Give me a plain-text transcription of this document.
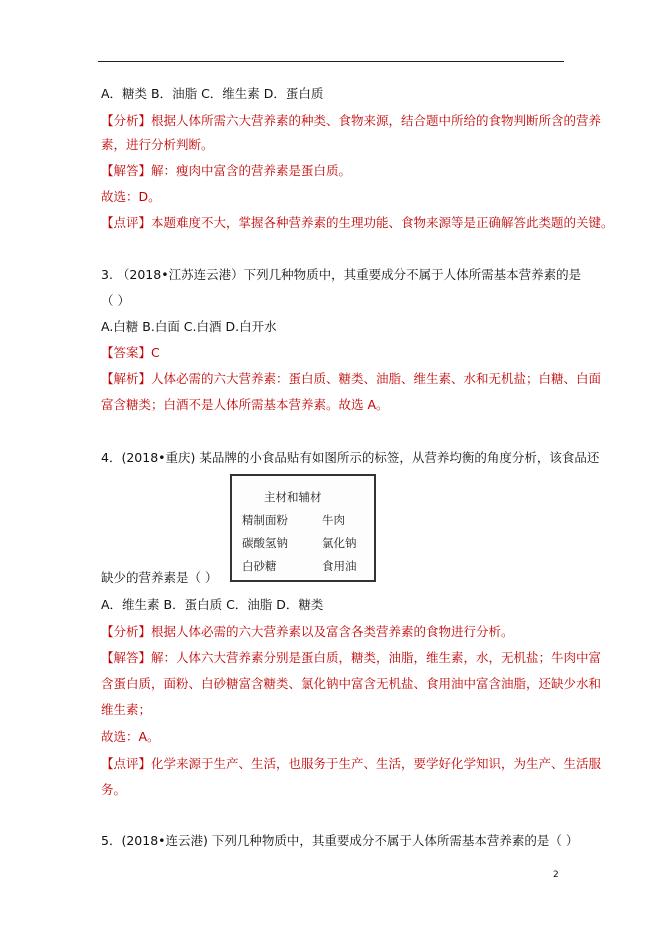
A．糖类 B．油脂 C．维生素 D．蛋白质
【分析】根据人体所需六大营养素的种类、食物来源，结合题中所给的食物判断所含的营养
素，进行分析判断。
【解答】解：瘦肉中富含的营养素是蛋白质。
故选：D。
【点评】本题难度不大，掌握各种营养素的生理功能、食物来源等是正确解答此类题的关键。
3. （2018•江苏连云港）下列几种物质中，其重要成分不属于人体所需基本营养素的是
（ ）
A.白糖 B.白面 C.白酒 D.白开水
【答案】C
【解析】人体必需的六大营养素：蛋白质、糖类、油脂、维生素、水和无机盐；白糖、白面
富含糖类；白酒不是人体所需基本营养素。故选 A。
4．(2018•重庆) 某品牌的小食品贴有如图所示的标签，从营养均衡的角度分析，该食品还
主材和辅材
精制面粉	牛肉
碳酸氢钠	氯化钠
白砂糖	食用油
缺少的营养素是（ ）
A．维生素 B．蛋白质 C．油脂 D．糖类
【分析】根据人体必需的六大营养素以及富含各类营养素的食物进行分析。
【解答】解：人体六大营养素分别是蛋白质，糖类，油脂，维生素，水，无机盐；牛肉中富
含蛋白质，面粉、白砂糖富含糖类、氯化钠中富含无机盐、食用油中富含油脂，还缺少水和
维生素；
故选：A。
【点评】化学来源于生产、生活，也服务于生产、生活，要学好化学知识，为生产、生活服
务。
5．(2018•连云港) 下列几种物质中，其重要成分不属于人体所需基本营养素的是（ ）
2
